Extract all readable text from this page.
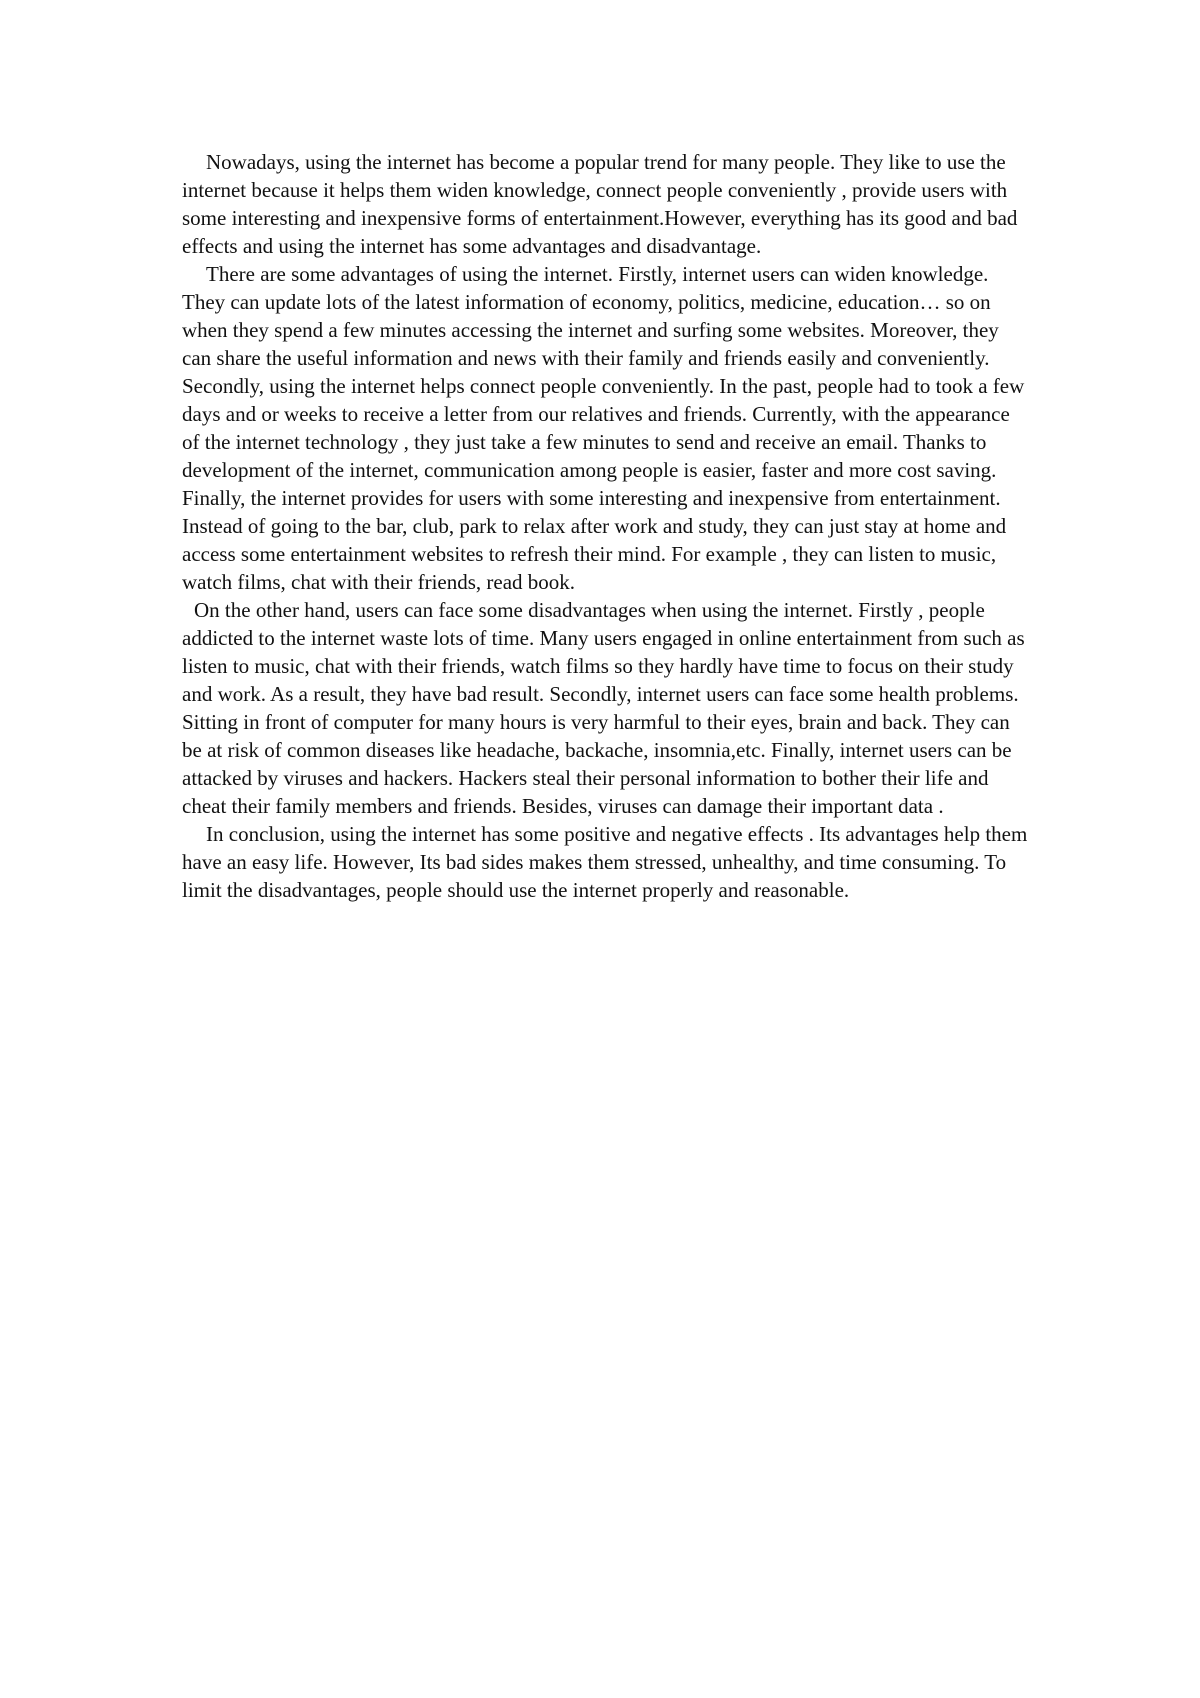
Nowadays, using the internet has become a popular trend for many people. They like to use the internet because it helps them widen knowledge, connect people conveniently , provide users with some interesting and inexpensive forms of entertainment.However, everything has its good and bad effects and using the internet has some advantages and disadvantage.

There are some advantages of using the internet. Firstly, internet users can widen knowledge. They can update lots of the latest information of economy, politics, medicine, education… so on when they spend a few minutes accessing the internet and surfing some websites. Moreover, they can share the useful information and news with their family and friends easily and conveniently. Secondly, using the internet helps connect people conveniently. In the past, people had to took a few days and or weeks to receive a letter from our relatives and friends. Currently, with the appearance of the internet technology , they just take a few minutes to send and receive an email. Thanks to development of the internet, communication among people is easier, faster and more cost saving. Finally, the internet provides for users with some interesting and inexpensive from entertainment. Instead of going to the bar, club, park to relax after work and study, they can just stay at home and access some entertainment websites to refresh their mind. For example , they can listen to music, watch films, chat with their friends, read book.

On the other hand, users can face some disadvantages when using the internet. Firstly , people addicted to the internet waste lots of time. Many users engaged in online entertainment from such as listen to music, chat with their friends, watch films so they hardly have time to focus on their study and work. As a result, they have bad result. Secondly, internet users can face some health problems. Sitting in front of computer for many hours is very harmful to their eyes, brain and back. They can be at risk of common diseases like headache, backache, insomnia,etc. Finally, internet users can be attacked by viruses and hackers. Hackers steal their personal information to bother their life and cheat their family members and friends. Besides, viruses can damage their important data .

In conclusion, using the internet has some positive and negative effects . Its advantages help them have an easy life. However, Its bad sides makes them stressed, unhealthy, and time consuming. To limit the disadvantages, people should use the internet properly and reasonable.
